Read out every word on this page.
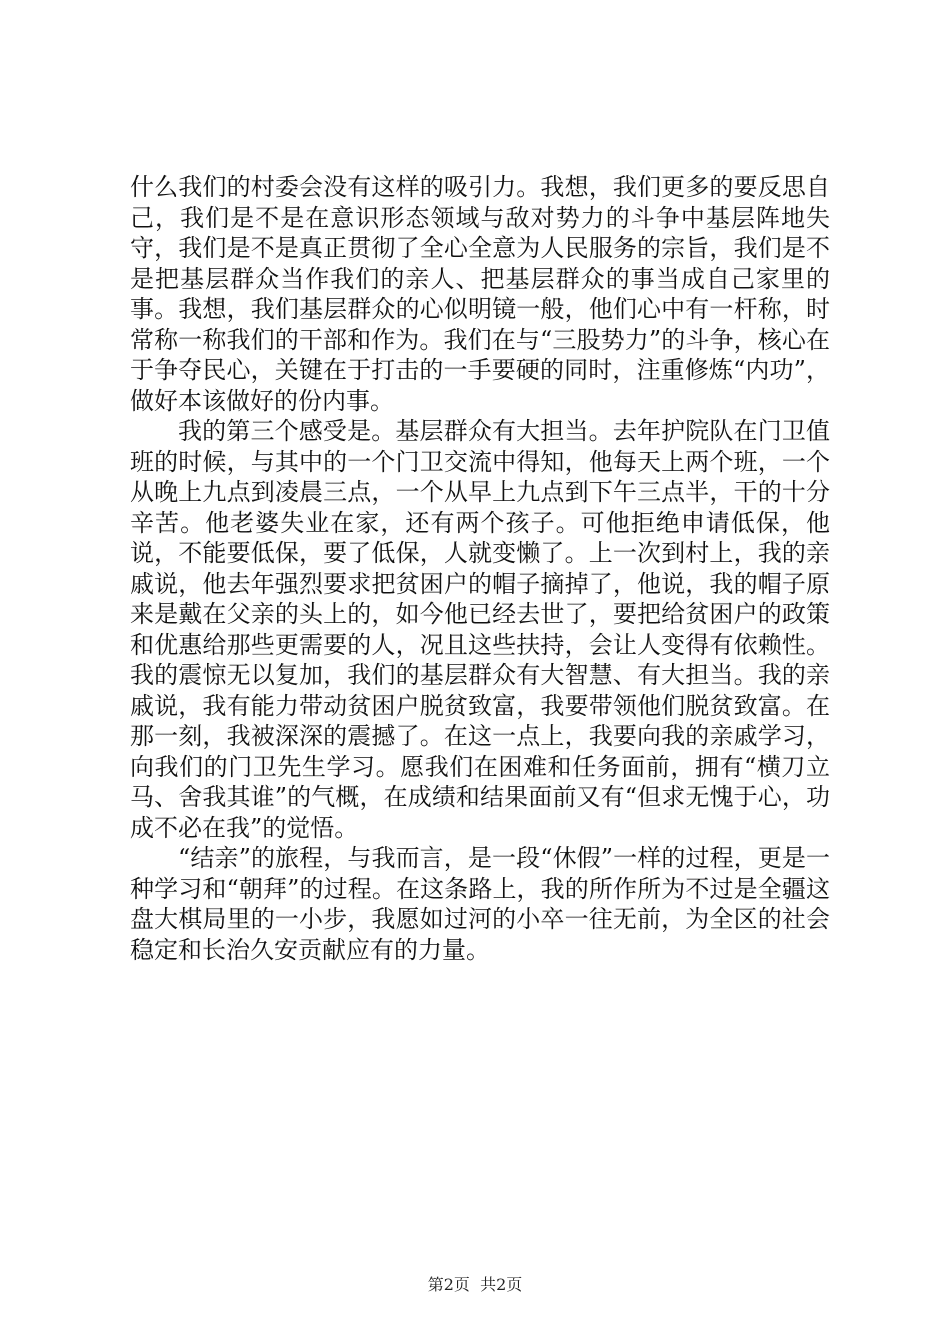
什么我们的村委会没有这样的吸引力。我想，我们更多的要反思自己，我们是不是在意识形态领域与敌对势力的斗争中基层阵地失守，我们是不是真正贯彻了全心全意为人民服务的宗旨，我们是不是把基层群众当作我们的亲人、把基层群众的事当成自己家里的事。我想，我们基层群众的心似明镜一般，他们心中有一杆称，时常称一称我们的干部和作为。我们在与“三股势力”的斗争，核心在于争夺民心，关键在于打击的一手要硬的同时，注重修炼“内功”，做好本该做好的份内事。

我的第三个感受是。基层群众有大担当。去年护院队在门卫值班的时候，与其中的一个门卫交流中得知，他每天上两个班，一个从晚上九点到凌晨三点，一个从早上九点到下午三点半，干的十分辛苦。他老婆失业在家，还有两个孩子。可他拒绝申请低保，他说，不能要低保，要了低保，人就变懒了。上一次到村上，我的亲戚说，他去年强烈要求把贫困户的帽子摘掉了，他说，我的帽子原来是戴在父亲的头上的，如今他已经去世了，要把给贫困户的政策和优惠给那些更需要的人，况且这些扶持，会让人变得有依赖性。我的震惊无以复加，我们的基层群众有大智慧、有大担当。我的亲戚说，我有能力带动贫困户脱贫致富，我要带领他们脱贫致富。在那一刻，我被深深的震撼了。在这一点上，我要向我的亲戚学习，向我们的门卫先生学习。愿我们在困难和任务面前，拥有“横刀立马、舍我其谁”的气概，在成绩和结果面前又有“但求无愧于心，功成不必在我”的觉悟。

“结亲”的旅程，与我而言，是一段“休假”一样的过程，更是一种学习和“朝拜”的过程。在这条路上，我的所作所为不过是全疆这盘大棋局里的一小步，我愿如过河的小卒一往无前，为全区的社会稳定和长治久安贡献应有的力量。

第2页  共2页
